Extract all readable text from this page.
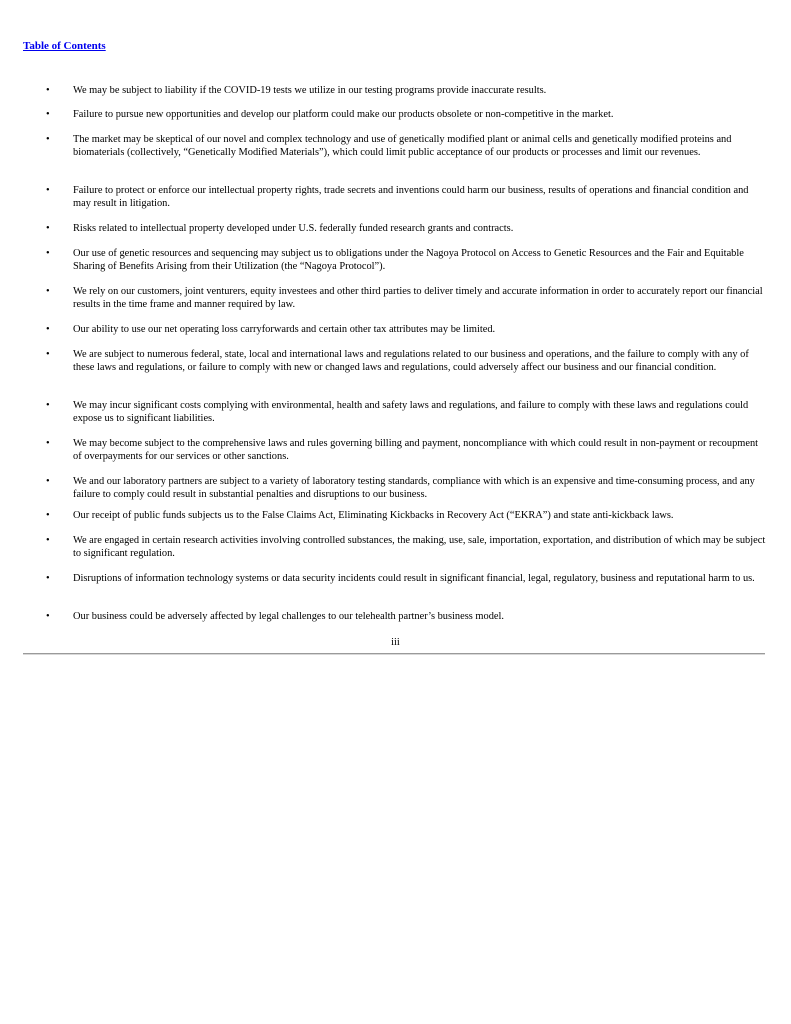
Table of Contents
•	We may be subject to liability if the COVID-19 tests we utilize in our testing programs provide inaccurate results.
•	Failure to pursue new opportunities and develop our platform could make our products obsolete or non-competitive in the market.
•	The market may be skeptical of our novel and complex technology and use of genetically modified plant or animal cells and genetically modified proteins and biomaterials (collectively, “Genetically Modified Materials”), which could limit public acceptance of our products or processes and limit our revenues.
•	Failure to protect or enforce our intellectual property rights, trade secrets and inventions could harm our business, results of operations and financial condition and may result in litigation.
•	Risks related to intellectual property developed under U.S. federally funded research grants and contracts.
•	Our use of genetic resources and sequencing may subject us to obligations under the Nagoya Protocol on Access to Genetic Resources and the Fair and Equitable Sharing of Benefits Arising from their Utilization (the “Nagoya Protocol”).
•	We rely on our customers, joint venturers, equity investees and other third parties to deliver timely and accurate information in order to accurately report our financial results in the time frame and manner required by law.
•	Our ability to use our net operating loss carryforwards and certain other tax attributes may be limited.
•	We are subject to numerous federal, state, local and international laws and regulations related to our business and operations, and the failure to comply with any of these laws and regulations, or failure to comply with new or changed laws and regulations, could adversely affect our business and our financial condition.
•	We may incur significant costs complying with environmental, health and safety laws and regulations, and failure to comply with these laws and regulations could expose us to significant liabilities.
•	We may become subject to the comprehensive laws and rules governing billing and payment, noncompliance with which could result in non-payment or recoupment of overpayments for our services or other sanctions.
•	We and our laboratory partners are subject to a variety of laboratory testing standards, compliance with which is an expensive and time-consuming process, and any failure to comply could result in substantial penalties and disruptions to our business.
•	Our receipt of public funds subjects us to the False Claims Act, Eliminating Kickbacks in Recovery Act (“EKRA”) and state anti-kickback laws.
•	We are engaged in certain research activities involving controlled substances, the making, use, sale, importation, exportation, and distribution of which may be subject to significant regulation.
•	Disruptions of information technology systems or data security incidents could result in significant financial, legal, regulatory, business and reputational harm to us.
•	Our business could be adversely affected by legal challenges to our telehealth partner’s business model.
iii
